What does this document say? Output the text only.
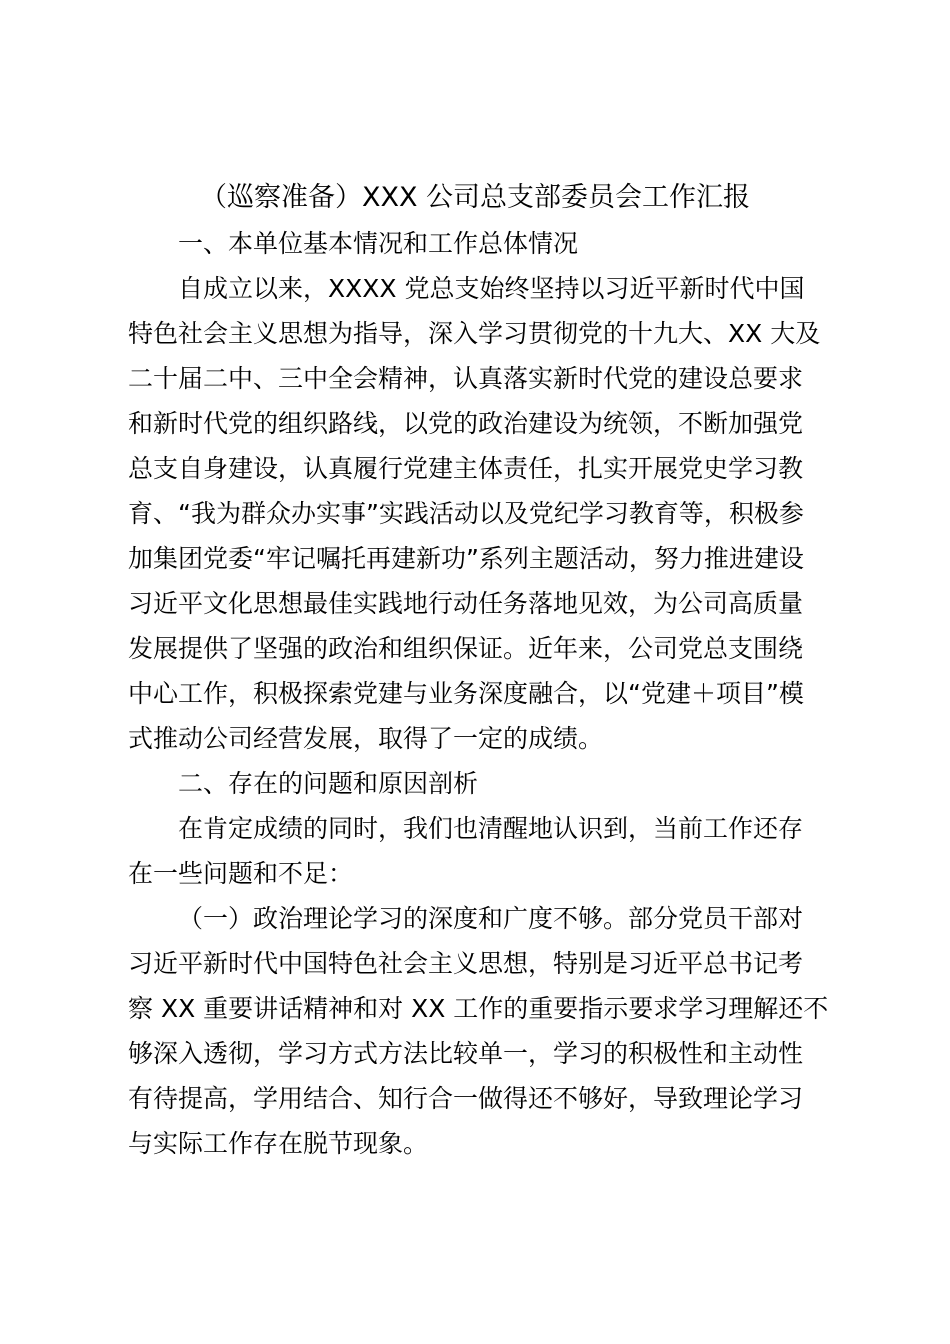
（巡察准备）XXX 公司总支部委员会工作汇报
一、本单位基本情况和工作总体情况
自成立以来，XXXX 党总支始终坚持以习近平新时代中国
特色社会主义思想为指导，深入学习贯彻党的十九大、XX 大及
二十届二中、三中全会精神，认真落实新时代党的建设总要求
和新时代党的组织路线，以党的政治建设为统领，不断加强党
总支自身建设，认真履行党建主体责任，扎实开展党史学习教
育、“我为群众办实事”实践活动以及党纪学习教育等，积极参
加集团党委“牢记嘱托再建新功”系列主题活动，努力推进建设
习近平文化思想最佳实践地行动任务落地见效，为公司高质量
发展提供了坚强的政治和组织保证。近年来，公司党总支围绕
中心工作，积极探索党建与业务深度融合，以“党建＋项目”模
式推动公司经营发展，取得了一定的成绩。
二、存在的问题和原因剖析
在肯定成绩的同时，我们也清醒地认识到，当前工作还存
在一些问题和不足：
（一）政治理论学习的深度和广度不够。部分党员干部对
习近平新时代中国特色社会主义思想，特别是习近平总书记考
察 XX 重要讲话精神和对 XX 工作的重要指示要求学习理解还不
够深入透彻，学习方式方法比较单一，学习的积极性和主动性
有待提高，学用结合、知行合一做得还不够好，导致理论学习
与实际工作存在脱节现象。
